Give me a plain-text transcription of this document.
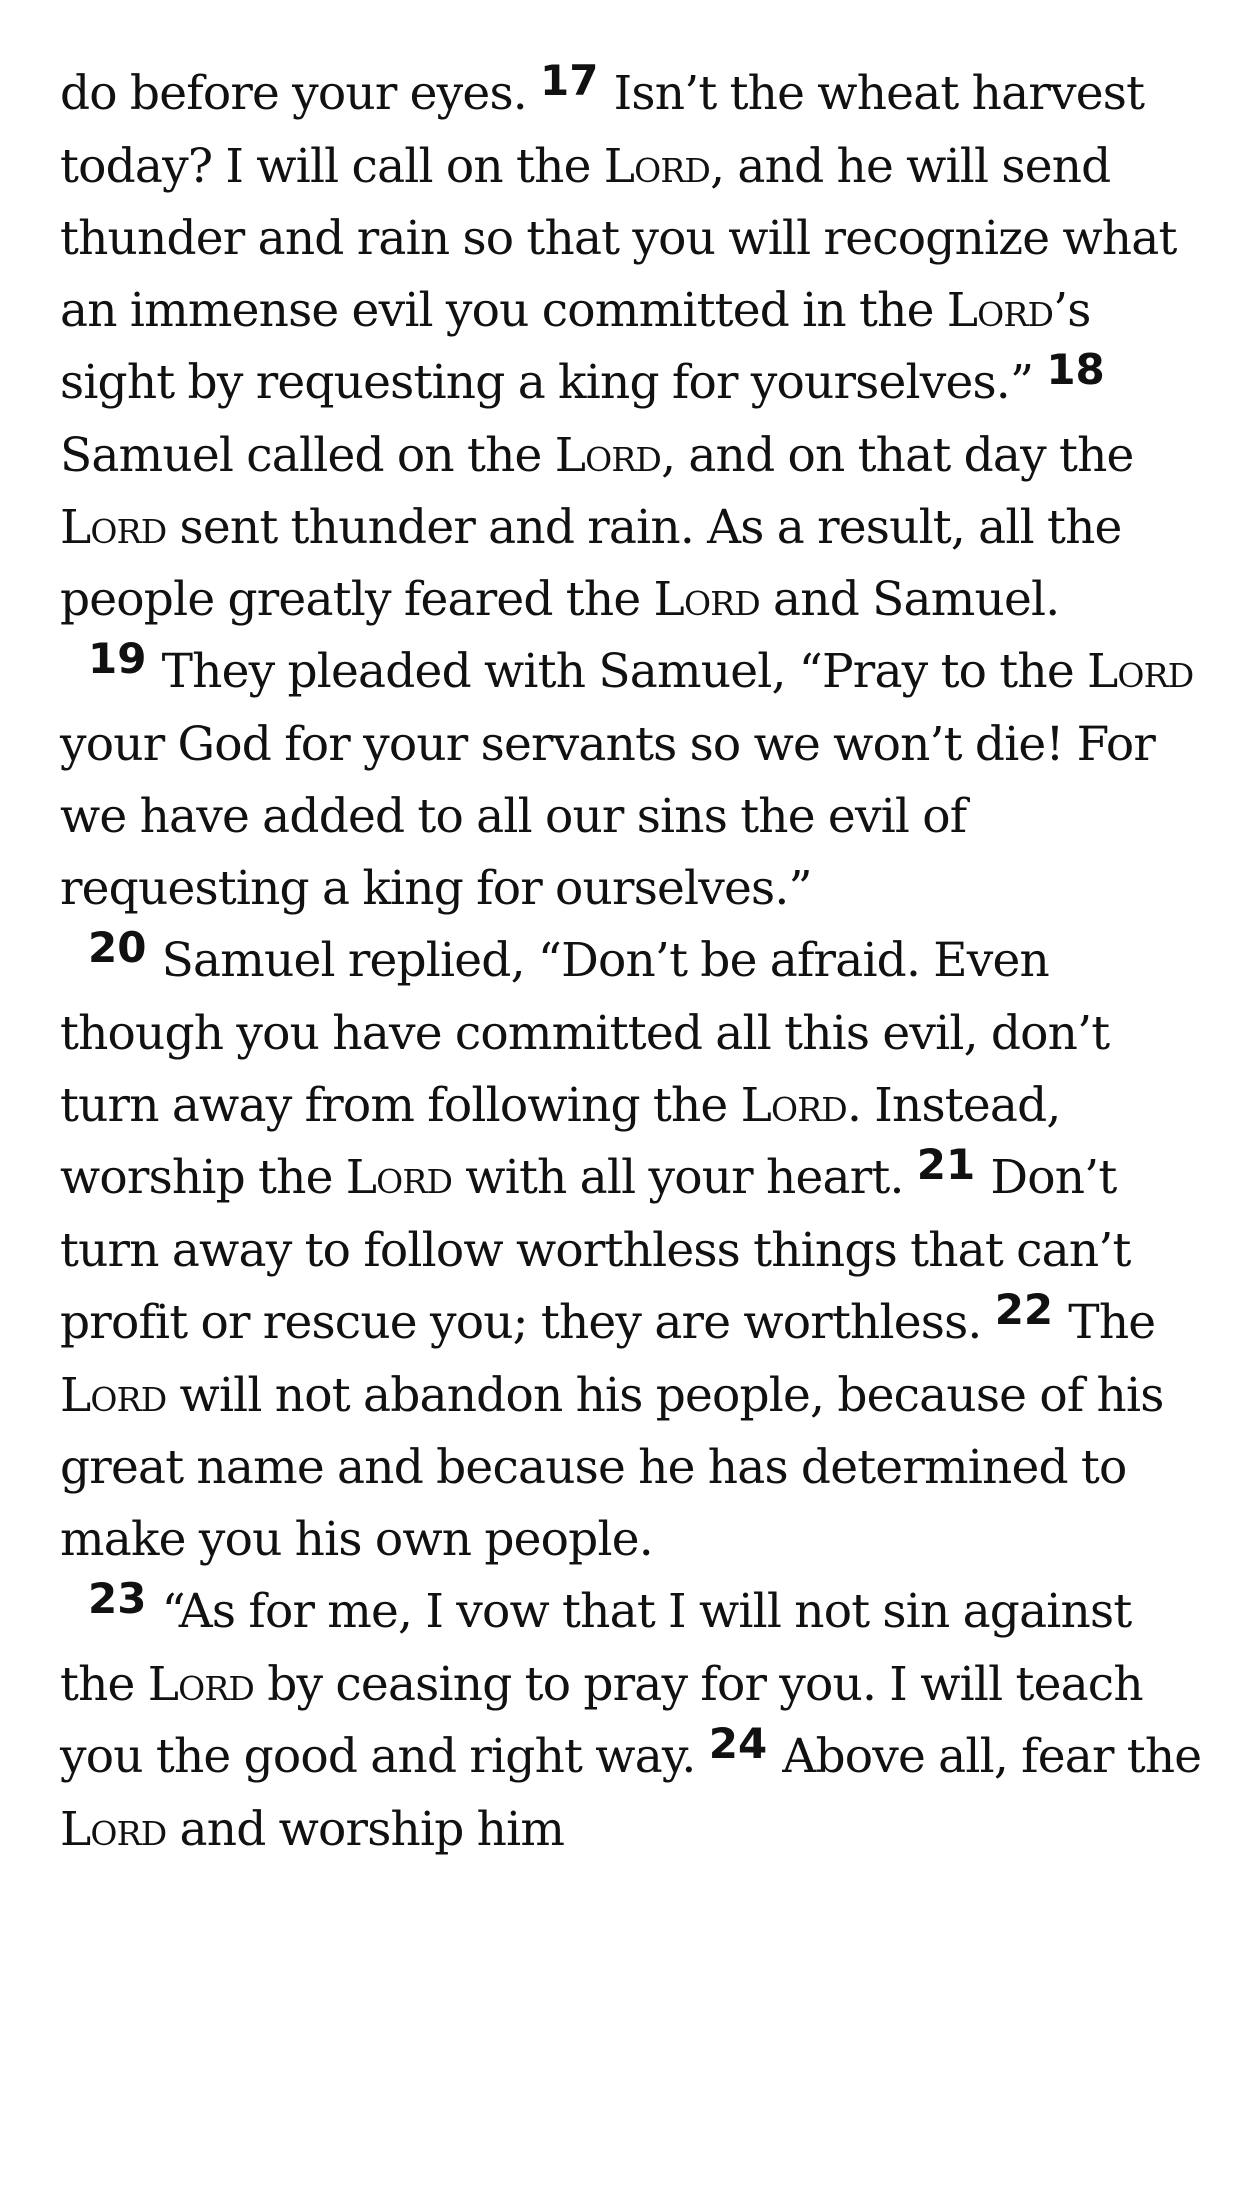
do before your eyes. 17 Isn’t the wheat harvest today? I will call on the Lord, and he will send thunder and rain so that you will recognize what an immense evil you committed in the Lord’s sight by requesting a king for yourselves.” 18 Samuel called on the Lord, and on that day the Lord sent thunder and rain. As a result, all the people greatly feared the Lord and Samuel.

19 They pleaded with Samuel, “Pray to the Lord your God for your servants so we won’t die! For we have added to all our sins the evil of requesting a king for ourselves.”

20 Samuel replied, “Don’t be afraid. Even though you have committed all this evil, don’t turn away from following the Lord. Instead, worship the Lord with all your heart. 21 Don’t turn away to follow worthless things that can’t profit or rescue you; they are worthless. 22 The Lord will not abandon his people, because of his great name and because he has determined to make you his own people.

23 “As for me, I vow that I will not sin against the Lord by ceasing to pray for you. I will teach you the good and right way. 24 Above all, fear the Lord and worship him
